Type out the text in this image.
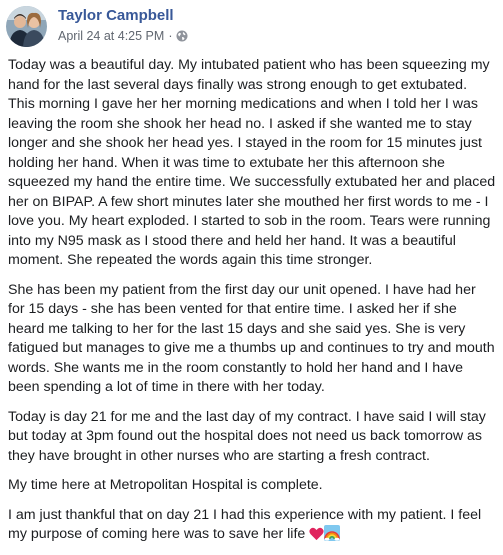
Taylor Campbell
April 24 at 4:25 PM ·

Today was a beautiful day. My intubated patient who has been squeezing my hand for the last several days finally was strong enough to get extubated. This morning I gave her her morning medications and when I told her I was leaving the room she shook her head no. I asked if she wanted me to stay longer and she shook her head yes. I stayed in the room for 15 minutes just holding her hand. When it was time to extubate her this afternoon she squeezed my hand the entire time. We successfully extubated her and placed her on BIPAP. A few short minutes later she mouthed her first words to me - I love you. My heart exploded. I started to sob in the room. Tears were running into my N95 mask as I stood there and held her hand. It was a beautiful moment. She repeated the words again this time stronger.

She has been my patient from the first day our unit opened. I have had her for 15 days - she has been vented for that entire time. I asked her if she heard me talking to her for the last 15 days and she said yes. She is very fatigued but manages to give me a thumbs up and continues to try and mouth words. She wants me in the room constantly to hold her hand and I have been spending a lot of time in there with her today.

Today is day 21 for me and the last day of my contract. I have said I will stay but today at 3pm found out the hospital does not need us back tomorrow as they have brought in other nurses who are starting a fresh contract.

My time here at Metropolitan Hospital is complete.

I am just thankful that on day 21 I had this experience with my patient. I feel my purpose of coming here was to save her life
